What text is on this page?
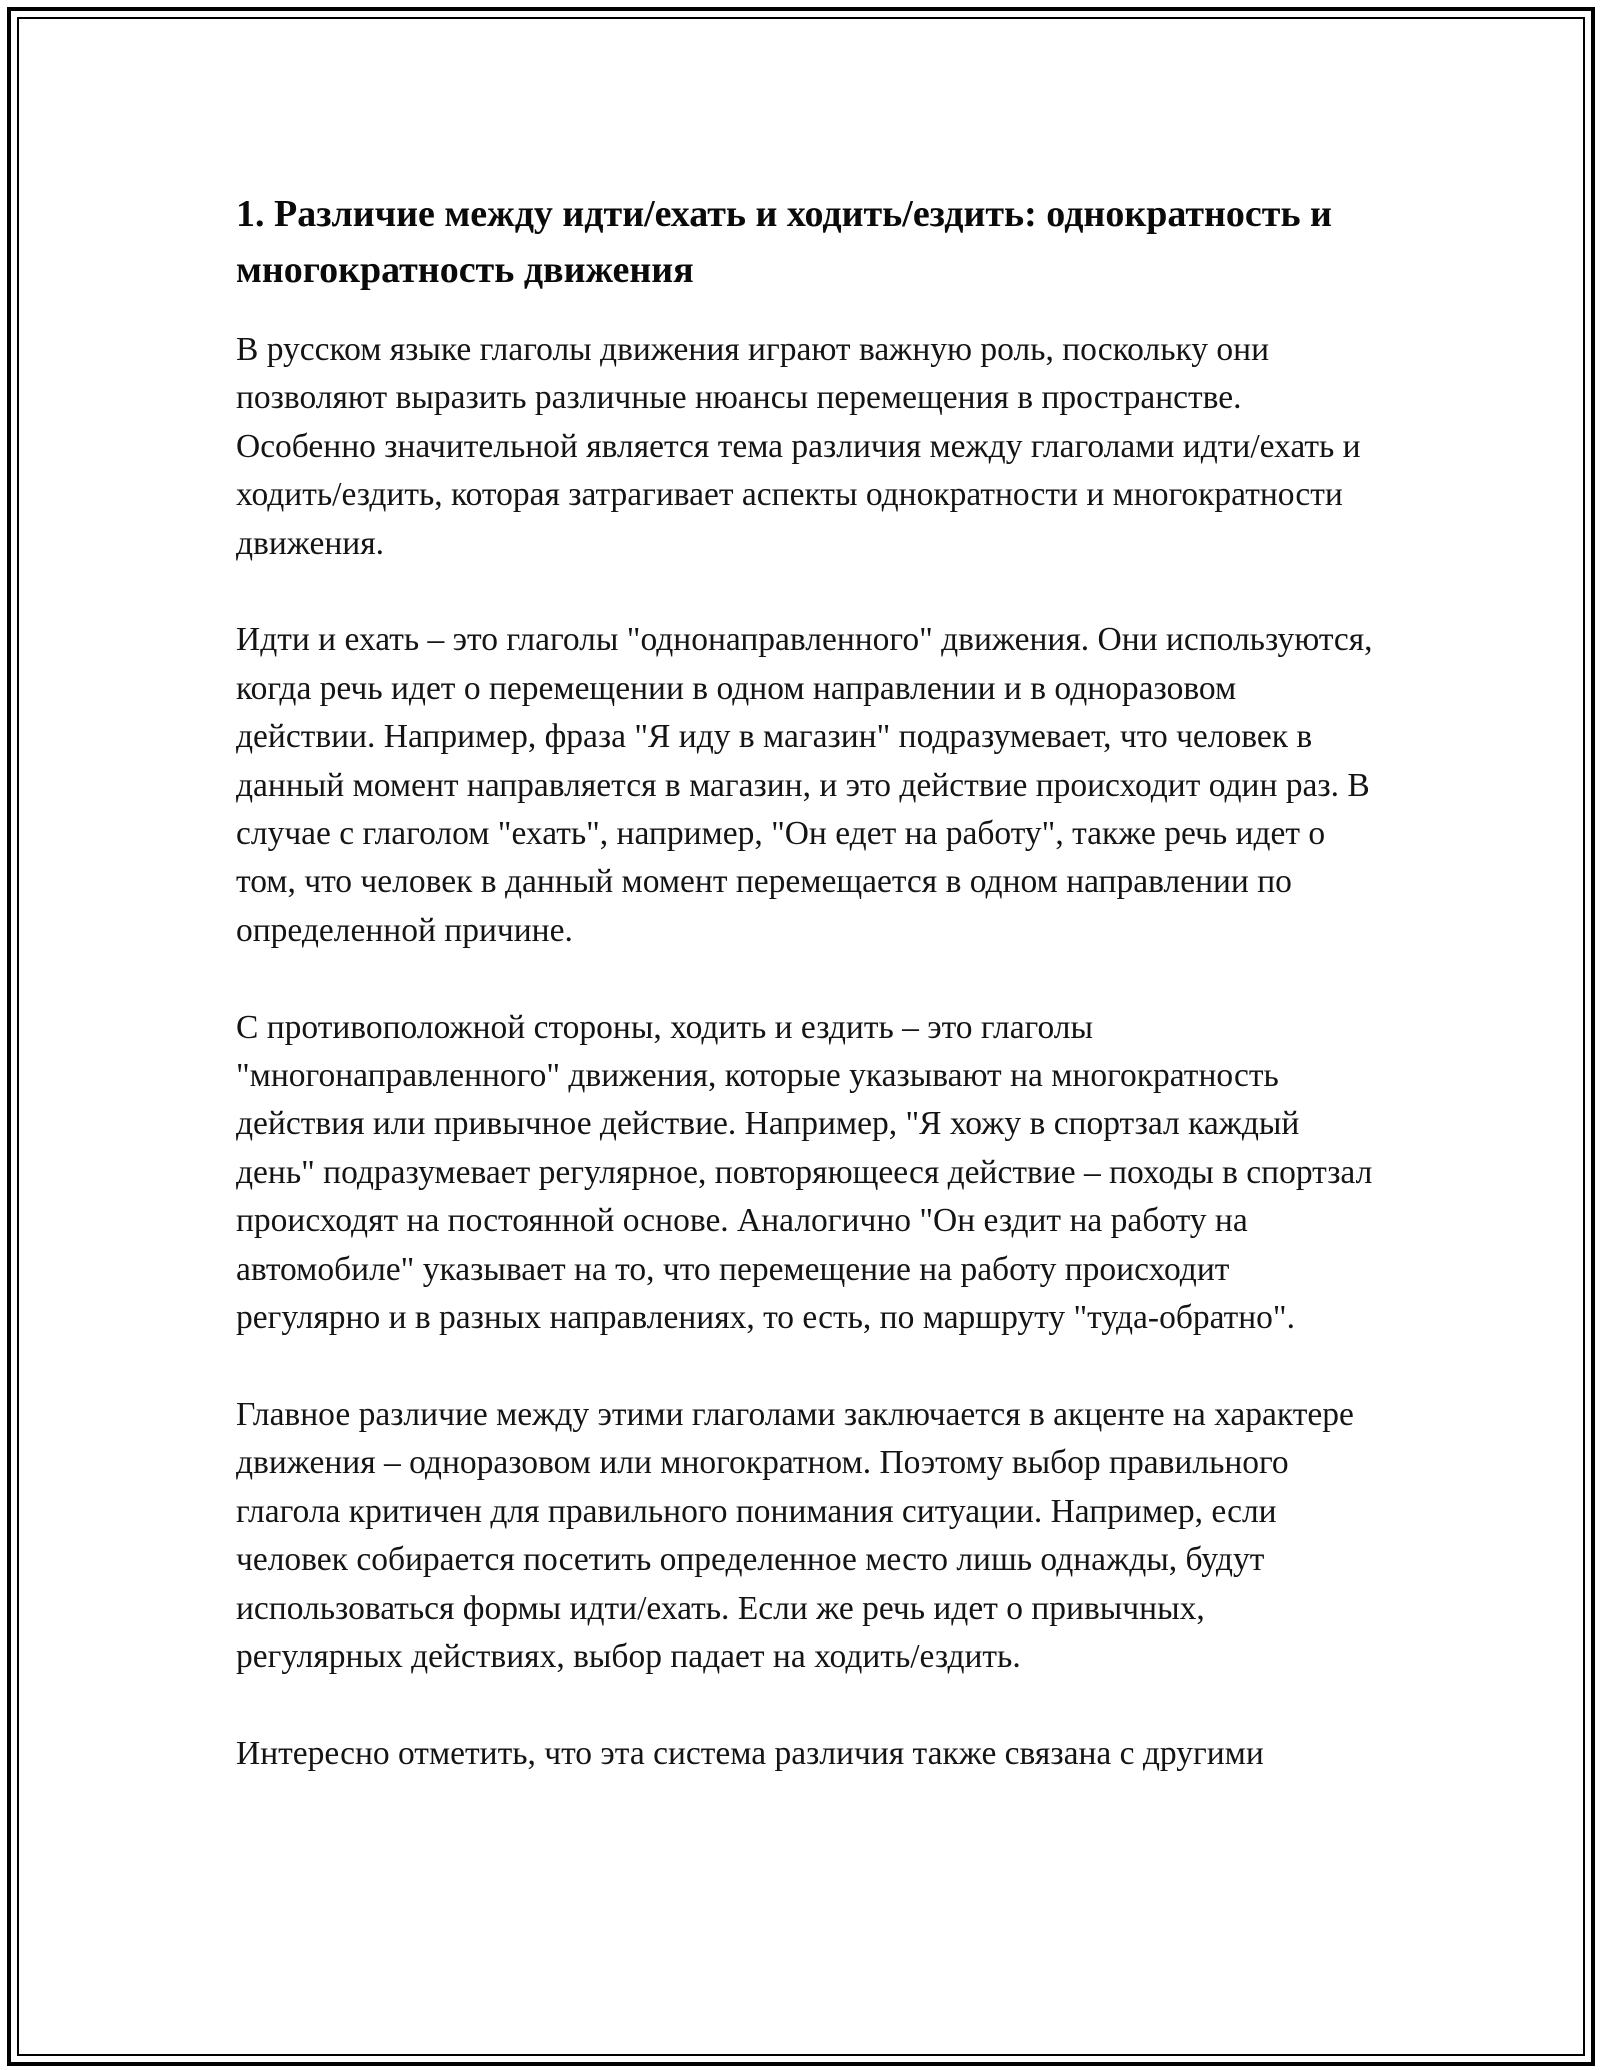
1. Различие между идти/ехать и ходить/ездить: однократность и многократность движения

В русском языке глаголы движения играют важную роль, поскольку они позволяют выразить различные нюансы перемещения в пространстве. Особенно значительной является тема различия между глаголами идти/ехать и ходить/ездить, которая затрагивает аспекты однократности и многократности движения.

Идти и ехать – это глаголы "однонаправленного" движения. Они используются, когда речь идет о перемещении в одном направлении и в одноразовом действии. Например, фраза "Я иду в магазин" подразумевает, что человек в данный момент направляется в магазин, и это действие происходит один раз. В случае с глаголом "ехать", например, "Он едет на работу", также речь идет о том, что человек в данный момент перемещается в одном направлении по определенной причине.

С противоположной стороны, ходить и ездить – это глаголы "многонаправленного" движения, которые указывают на многократность действия или привычное действие. Например, "Я хожу в спортзал каждый день" подразумевает регулярное, повторяющееся действие – походы в спортзал происходят на постоянной основе. Аналогично "Он ездит на работу на автомобиле" указывает на то, что перемещение на работу происходит регулярно и в разных направлениях, то есть, по маршруту "туда-обратно".

Главное различие между этими глаголами заключается в акценте на характере движения – одноразовом или многократном. Поэтому выбор правильного глагола критичен для правильного понимания ситуации. Например, если человек собирается посетить определенное место лишь однажды, будут использоваться формы идти/ехать. Если же речь идет о привычных, регулярных действиях, выбор падает на ходить/ездить.

Интересно отметить, что эта система различия также связана с другими
